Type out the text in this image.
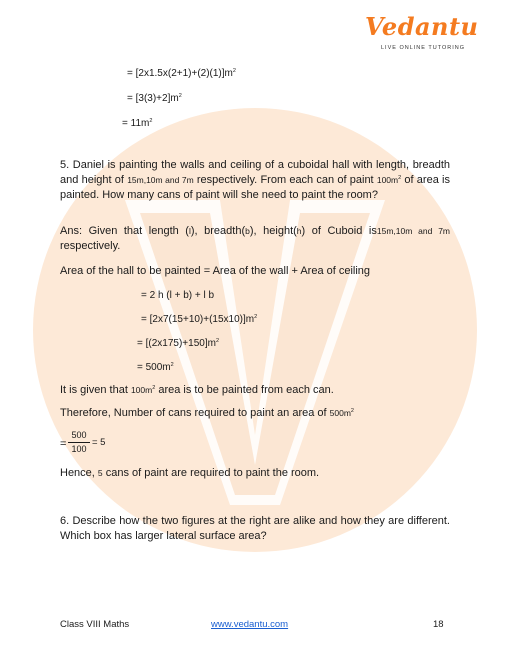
Vedantu
LIVE ONLINE TUTORING
= $[2x1.5x(2+1)+(2)(1)]m^2$
= $[3(3)+2]m^2$
= $11m^2$
5. Daniel is painting the walls and ceiling of a cuboidal hall with length, breadth and height of 15m,10m and 7m respectively. From each can of paint $100m^2$ of area is painted. How many cans of paint will she need to paint the room?
Ans: Given that length (l), breadth(b), height(h) of Cuboid is15m,10m and 7m respectively.
Area of the hall to be painted = Area of the wall + Area of ceiling
= 2 h (l + b) + l b
= $[2x7(15+10)+(15x10)]m^2$
= $[(2x175)+150]m^2$
= $500m^2$
It is given that $100m^2$ area is to be painted from each can.
Therefore, Number of cans required to paint an area of $500m^2$
=
500
100
= 5
Hence, 5 cans of paint are required to paint the room.
6. Describe how the two figures at the right are alike and how they are different. Which box has larger lateral surface area?
Class VIII Maths	www.vedantu.com	18
